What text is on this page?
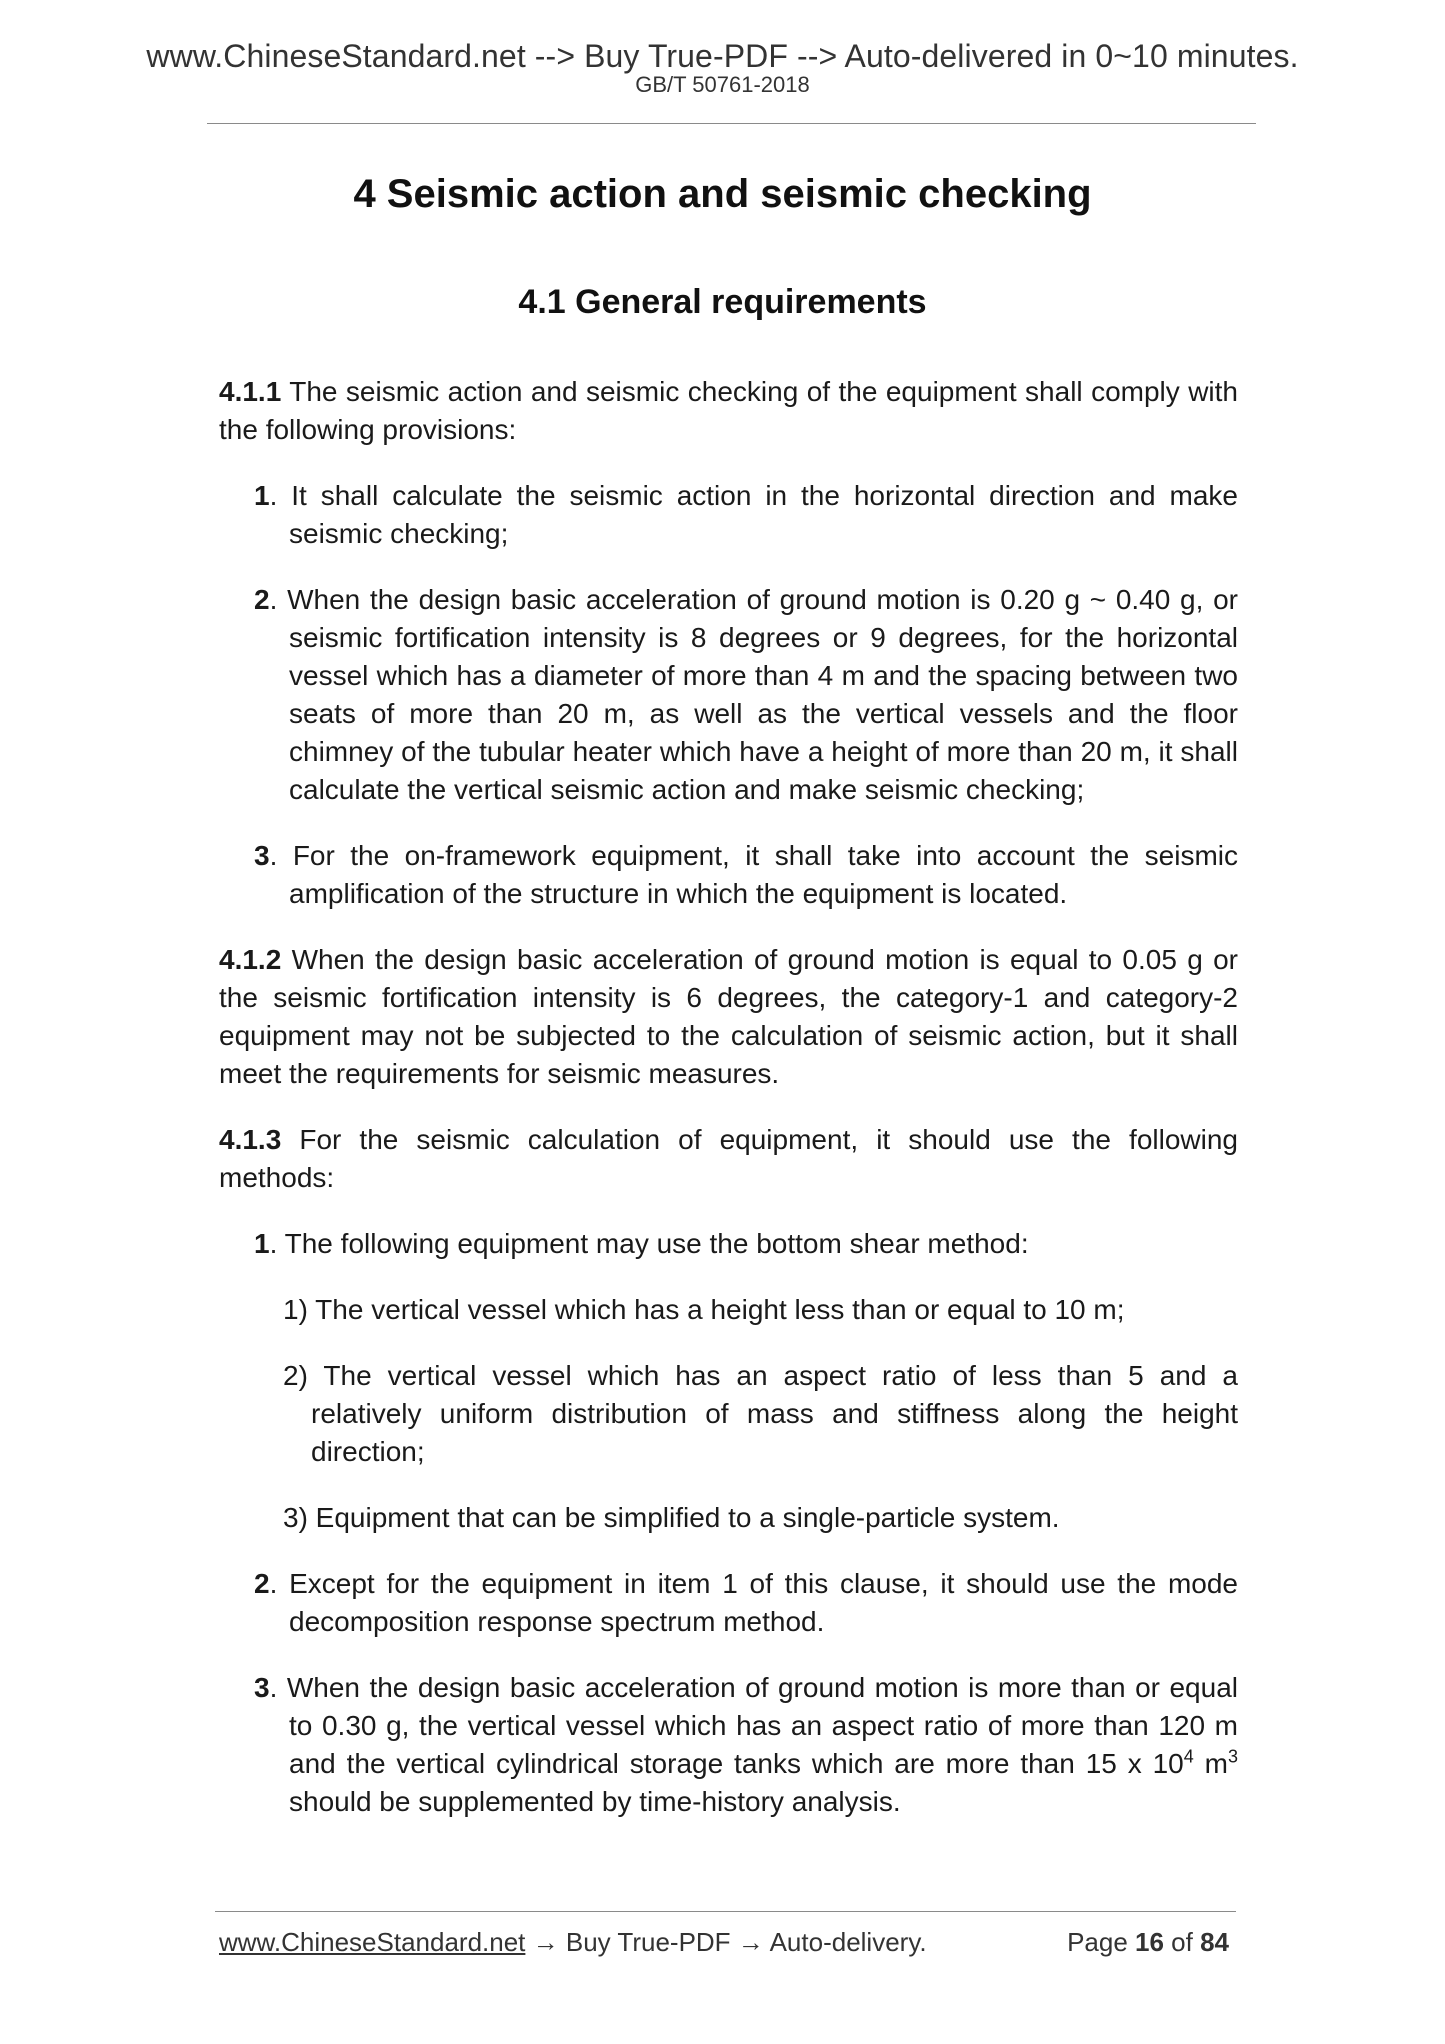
www.ChineseStandard.net --> Buy True-PDF --> Auto-delivered in 0~10 minutes.
GB/T 50761-2018
4 Seismic action and seismic checking
4.1 General requirements

4.1.1 The seismic action and seismic checking of the equipment shall comply with the following provisions:

1. It shall calculate the seismic action in the horizontal direction and make seismic checking;

2. When the design basic acceleration of ground motion is 0.20 g ~ 0.40 g, or seismic fortification intensity is 8 degrees or 9 degrees, for the horizontal vessel which has a diameter of more than 4 m and the spacing between two seats of more than 20 m, as well as the vertical vessels and the floor chimney of the tubular heater which have a height of more than 20 m, it shall calculate the vertical seismic action and make seismic checking;

3. For the on-framework equipment, it shall take into account the seismic amplification of the structure in which the equipment is located.

4.1.2 When the design basic acceleration of ground motion is equal to 0.05 g or the seismic fortification intensity is 6 degrees, the category-1 and category-2 equipment may not be subjected to the calculation of seismic action, but it shall meet the requirements for seismic measures.

4.1.3 For the seismic calculation of equipment, it should use the following methods:

1. The following equipment may use the bottom shear method:

1) The vertical vessel which has a height less than or equal to 10 m;

2) The vertical vessel which has an aspect ratio of less than 5 and a relatively uniform distribution of mass and stiffness along the height direction;

3) Equipment that can be simplified to a single-particle system.

2. Except for the equipment in item 1 of this clause, it should use the mode decomposition response spectrum method.

3. When the design basic acceleration of ground motion is more than or equal to 0.30 g, the vertical vessel which has an aspect ratio of more than 120 m and the vertical cylindrical storage tanks which are more than 15 x $10^4$ $m^3$ should be supplemented by time-history analysis.

www.ChineseStandard.net → Buy True-PDF → Auto-delivery.	Page 16 of 84
